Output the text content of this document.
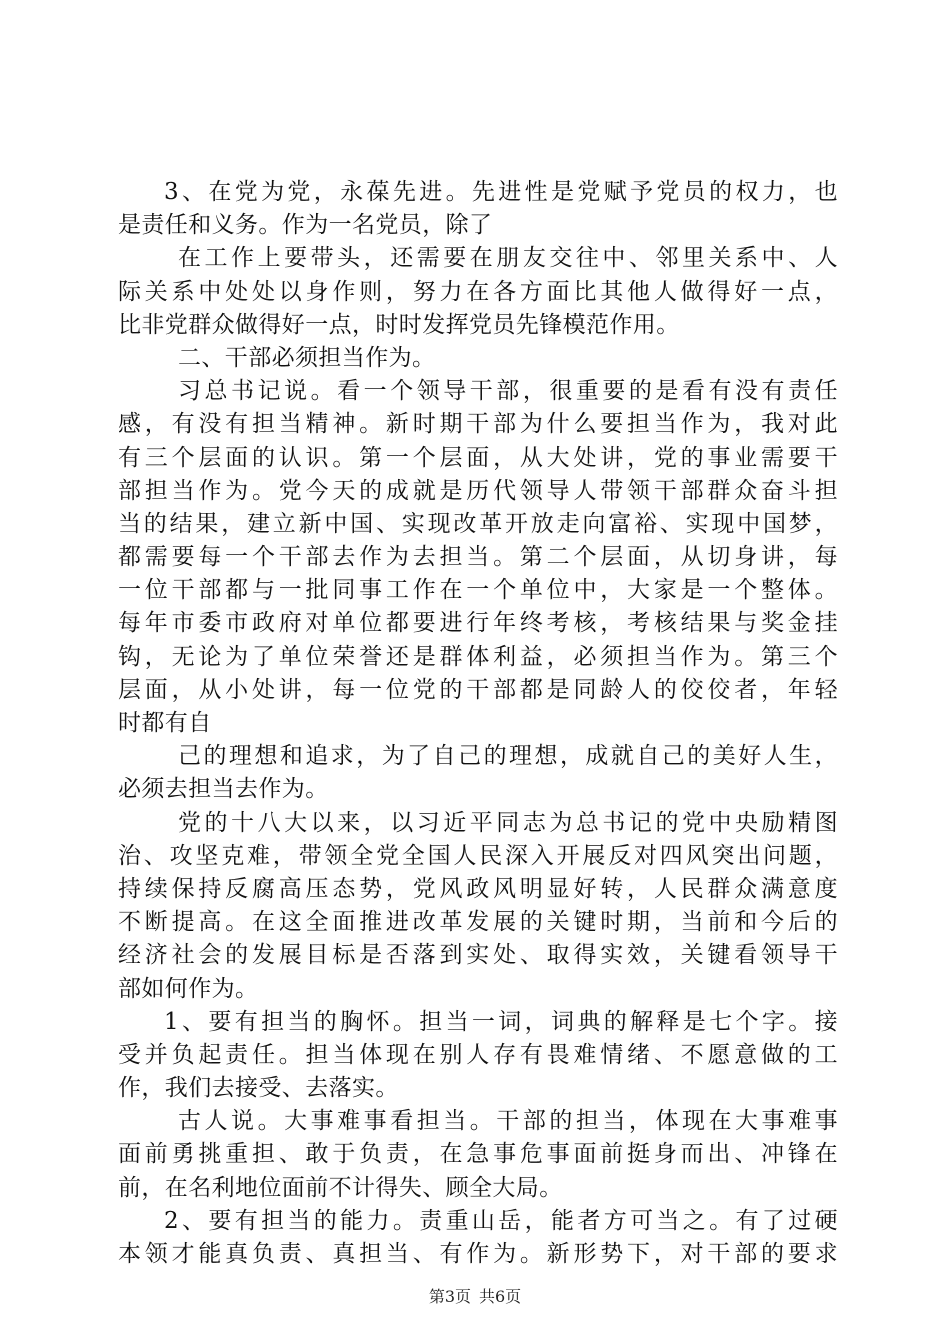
3、在党为党，永葆先进。先进性是党赋予党员的权力，也
是责任和义务。作为一名党员，除了
在工作上要带头，还需要在朋友交往中、邻里关系中、人
际关系中处处以身作则，努力在各方面比其他人做得好一点，
比非党群众做得好一点，时时发挥党员先锋模范作用。
二、干部必须担当作为。
习总书记说。看一个领导干部，很重要的是看有没有责任
感，有没有担当精神。新时期干部为什么要担当作为，我对此
有三个层面的认识。第一个层面，从大处讲，党的事业需要干
部担当作为。党今天的成就是历代领导人带领干部群众奋斗担
当的结果，建立新中国、实现改革开放走向富裕、实现中国梦，
都需要每一个干部去作为去担当。第二个层面，从切身讲，每
一位干部都与一批同事工作在一个单位中，大家是一个整体。
每年市委市政府对单位都要进行年终考核，考核结果与奖金挂
钩，无论为了单位荣誉还是群体利益，必须担当作为。第三个
层面，从小处讲，每一位党的干部都是同龄人的佼佼者，年轻
时都有自
己的理想和追求，为了自己的理想，成就自己的美好人生，
必须去担当去作为。
党的十八大以来，以习近平同志为总书记的党中央励精图
治、攻坚克难，带领全党全国人民深入开展反对四风突出问题，
持续保持反腐高压态势，党风政风明显好转，人民群众满意度
不断提高。在这全面推进改革发展的关键时期，当前和今后的
经济社会的发展目标是否落到实处、取得实效，关键看领导干
部如何作为。
1、要有担当的胸怀。担当一词，词典的解释是七个字。接
受并负起责任。担当体现在别人存有畏难情绪、不愿意做的工
作，我们去接受、去落实。
古人说。大事难事看担当。干部的担当，体现在大事难事
面前勇挑重担、敢于负责，在急事危事面前挺身而出、冲锋在
前，在名利地位面前不计得失、顾全大局。
2、要有担当的能力。责重山岳，能者方可当之。有了过硬
本领才能真负责、真担当、有作为。新形势下，对干部的要求
第3页 共6页
